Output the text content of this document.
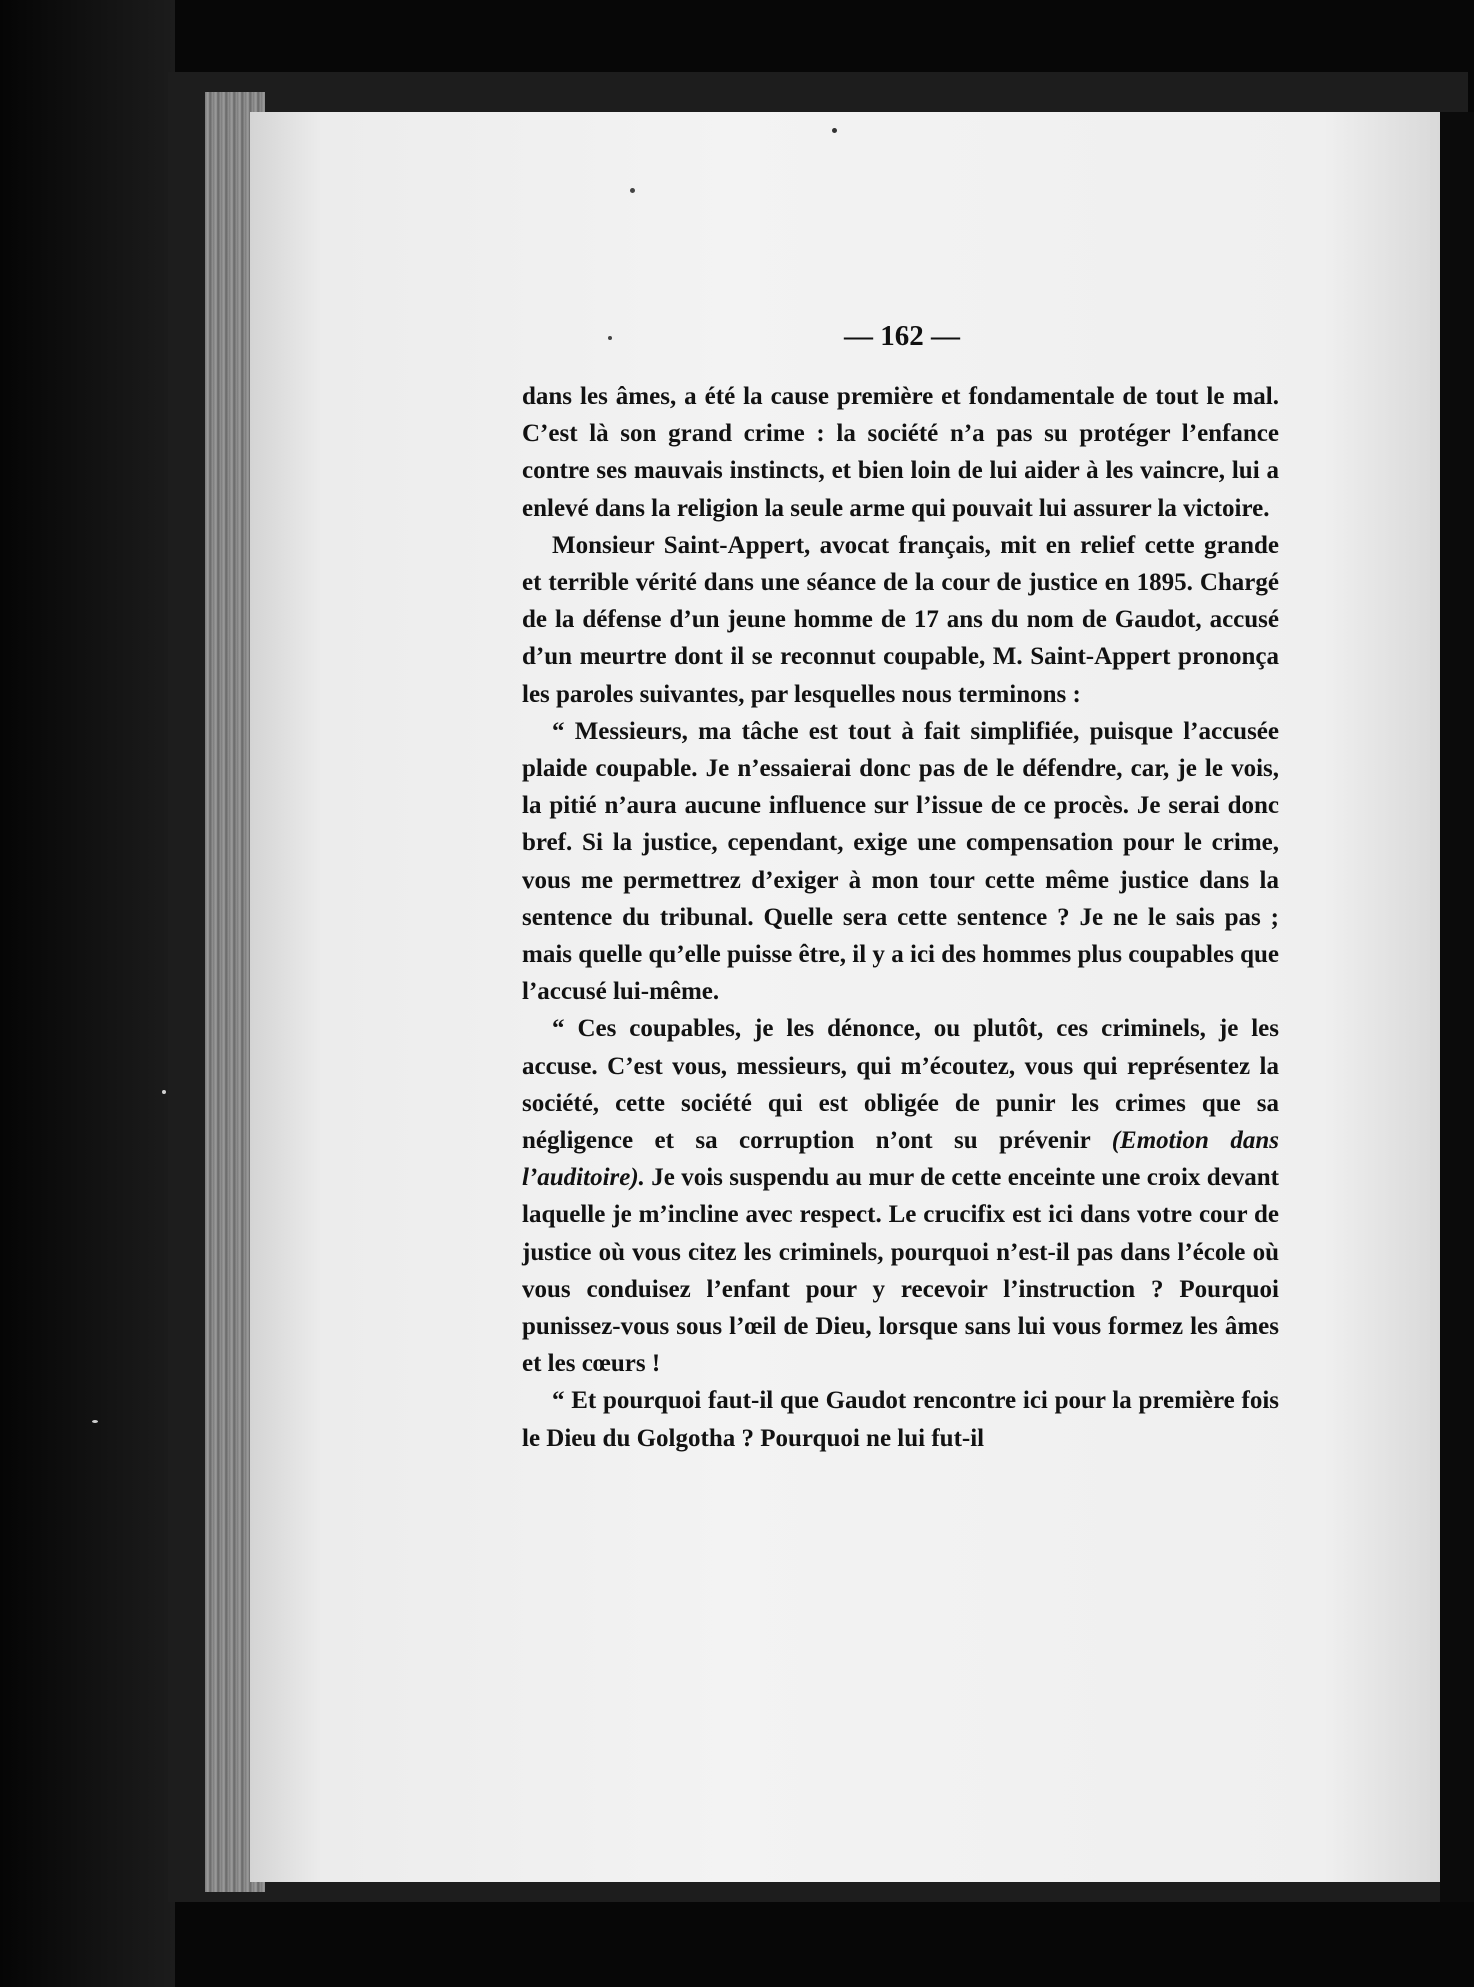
— 162 —

dans les âmes, a été la cause première et fondamentale de tout le mal. C’est là son grand crime : la société n’a pas su protéger l’enfance contre ses mauvais instincts, et bien loin de lui aider à les vaincre, lui a enlevé dans la religion la seule arme qui pouvait lui assurer la victoire.

Monsieur Saint-Appert, avocat français, mit en relief cette grande et terrible vérité dans une séance de la cour de justice en 1895. Chargé de la défense d’un jeune homme de 17 ans du nom de Gaudot, accusé d’un meurtre dont il se reconnut coupable, M. Saint-Appert prononça les paroles suivantes, par lesquelles nous terminons :

“ Messieurs, ma tâche est tout à fait simplifiée, puisque l’accusée plaide coupable. Je n’essaierai donc pas de le défendre, car, je le vois, la pitié n’aura aucune influence sur l’issue de ce procès. Je serai donc bref. Si la justice, cependant, exige une compensation pour le crime, vous me permettrez d’exiger à mon tour cette même justice dans la sentence du tribunal. Quelle sera cette sentence ? Je ne le sais pas ; mais quelle qu’elle puisse être, il y a ici des hommes plus coupables que l’accusé lui-même.

“ Ces coupables, je les dénonce, ou plutôt, ces criminels, je les accuse. C’est vous, messieurs, qui m’écoutez, vous qui représentez la société, cette société qui est obligée de punir les crimes que sa négligence et sa corruption n’ont su prévenir (Emotion dans l’auditoire). Je vois suspendu au mur de cette enceinte une croix devant laquelle je m’incline avec respect. Le crucifix est ici dans votre cour de justice où vous citez les criminels, pourquoi n’est-il pas dans l’école où vous conduisez l’enfant pour y recevoir l’instruction ? Pourquoi punissez-vous sous l’œil de Dieu, lorsque sans lui vous formez les âmes et les cœurs !

“ Et pourquoi faut-il que Gaudot rencontre ici pour la première fois le Dieu du Golgotha ? Pourquoi ne lui fut-il
